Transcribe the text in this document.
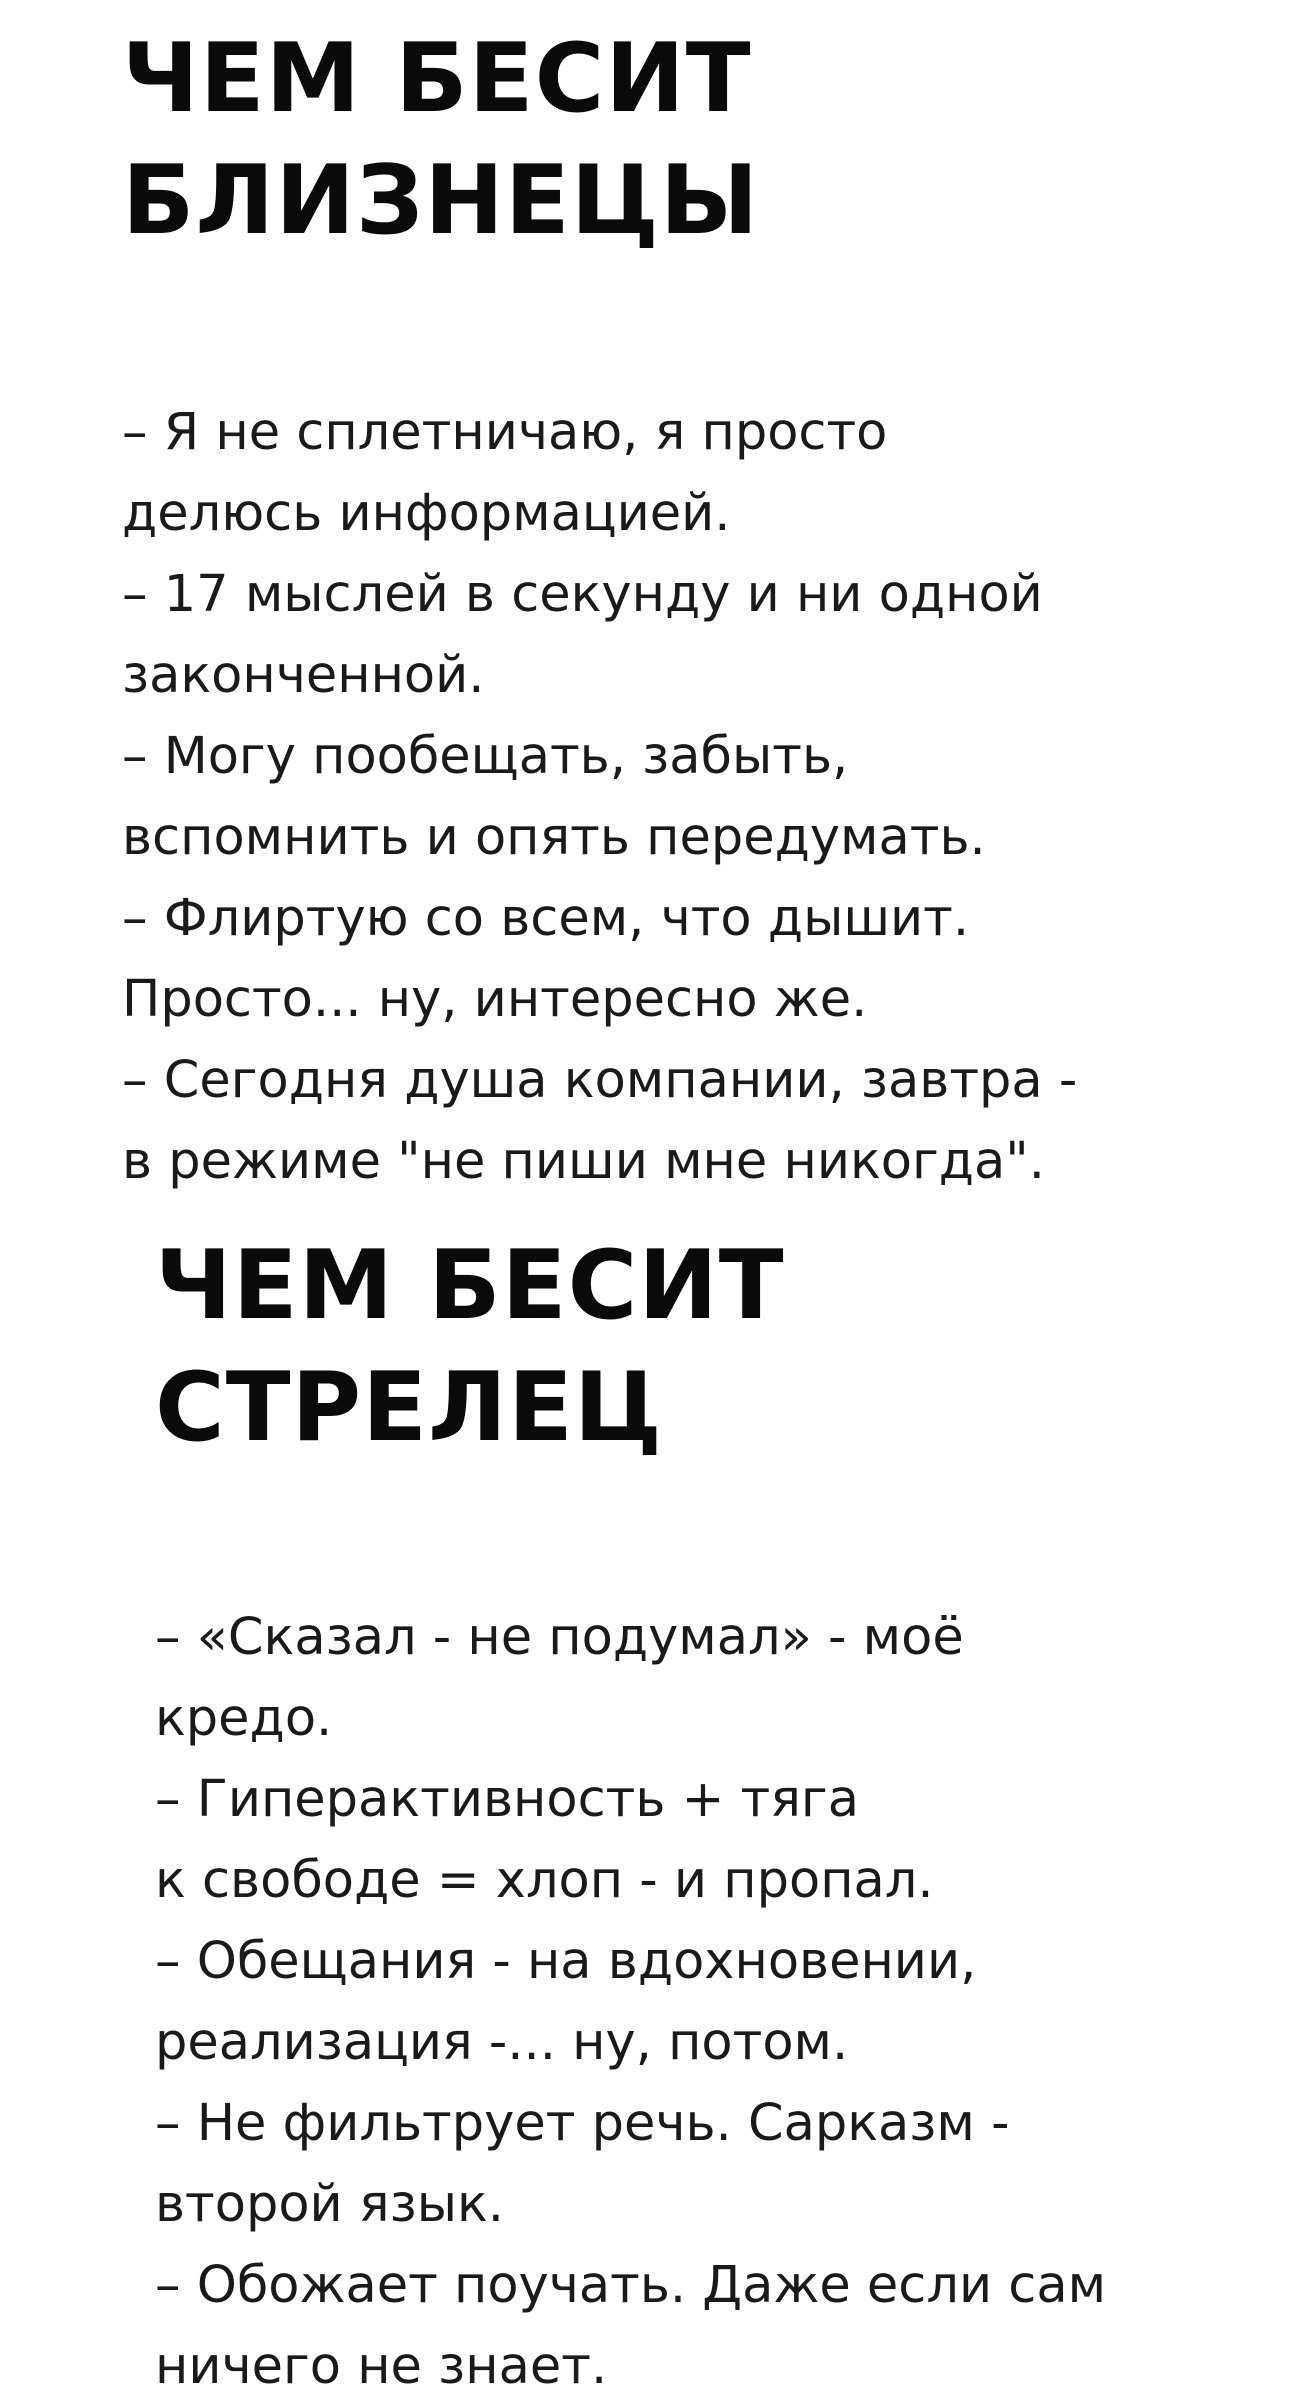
ЧЕМ БЕСИТ
БЛИЗНЕЦЫ
– Я не сплетничаю, я просто
делюсь информацией.
– 17 мыслей в секунду и ни одной
законченной.
– Могу пообещать, забыть,
вспомнить и опять передумать.
– Флиртую со всем, что дышит.
Просто... ну, интересно же.
– Сегодня душа компании, завтра -
в режиме "не пиши мне никогда".
ЧЕМ БЕСИТ
СТРЕЛЕЦ
– «Сказал - не подумал» - моё
кредо.
– Гиперактивность + тяга
к свободе = хлоп - и пропал.
– Обещания - на вдохновении,
реализация -... ну, потом.
– Не фильтрует речь. Сарказм -
второй язык.
– Обожает поучать. Даже если сам
ничего не знает.
